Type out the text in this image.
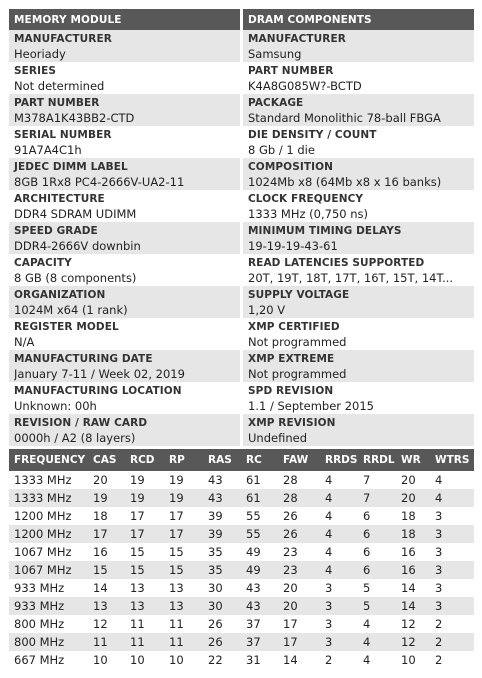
MEMORY MODULE
MANUFACTURER
Heoriady
SERIES
Not determined
PART NUMBER
M378A1K43BB2-CTD
SERIAL NUMBER
91A7A4C1h
JEDEC DIMM LABEL
8GB 1Rx8 PC4-2666V-UA2-11
ARCHITECTURE
DDR4 SDRAM UDIMM
SPEED GRADE
DDR4-2666V downbin
CAPACITY
8 GB (8 components)
ORGANIZATION
1024M x64 (1 rank)
REGISTER MODEL
N/A
MANUFACTURING DATE
January 7-11 / Week 02, 2019
MANUFACTURING LOCATION
Unknown: 00h
REVISION / RAW CARD
0000h / A2 (8 layers)
DRAM COMPONENTS
MANUFACTURER
Samsung
PART NUMBER
K4A8G085W?-BCTD
PACKAGE
Standard Monolithic 78-ball FBGA
DIE DENSITY / COUNT
8 Gb / 1 die
COMPOSITION
1024Mb x8 (64Mb x8 x 16 banks)
CLOCK FREQUENCY
1333 MHz (0,750 ns)
MINIMUM TIMING DELAYS
19-19-19-43-61
READ LATENCIES SUPPORTED
20T, 19T, 18T, 17T, 16T, 15T, 14T...
SUPPLY VOLTAGE
1,20 V
XMP CERTIFIED
Not programmed
XMP EXTREME
Not programmed
SPD REVISION
1.1 / September 2015
XMP REVISION
Undefined
FREQUENCY CAS	RCD	RP	RAS	RC	FAW	RRDS RRDL WR	WTRS
1333 MHz	20	19	19	43	61	28	4	7	20	4
1333 MHz	19	19	19	43	61	28	4	7	20	4
1200 MHz	18	17	17	39	55	26	4	6	18	3
1200 MHz	17	17	17	39	55	26	4	6	18	3
1067 MHz	16	15	15	35	49	23	4	6	16	3
1067 MHz	15	15	15	35	49	23	4	6	16	3
933 MHz	14	13	13	30	43	20	3	5	14	3
933 MHz	13	13	13	30	43	20	3	5	14	3
800 MHz	12	11	11	26	37	17	3	4	12	2
800 MHz	11	11	11	26	37	17	3	4	12	2
667 MHz	10	10	10	22	31	14	2	4	10	2
